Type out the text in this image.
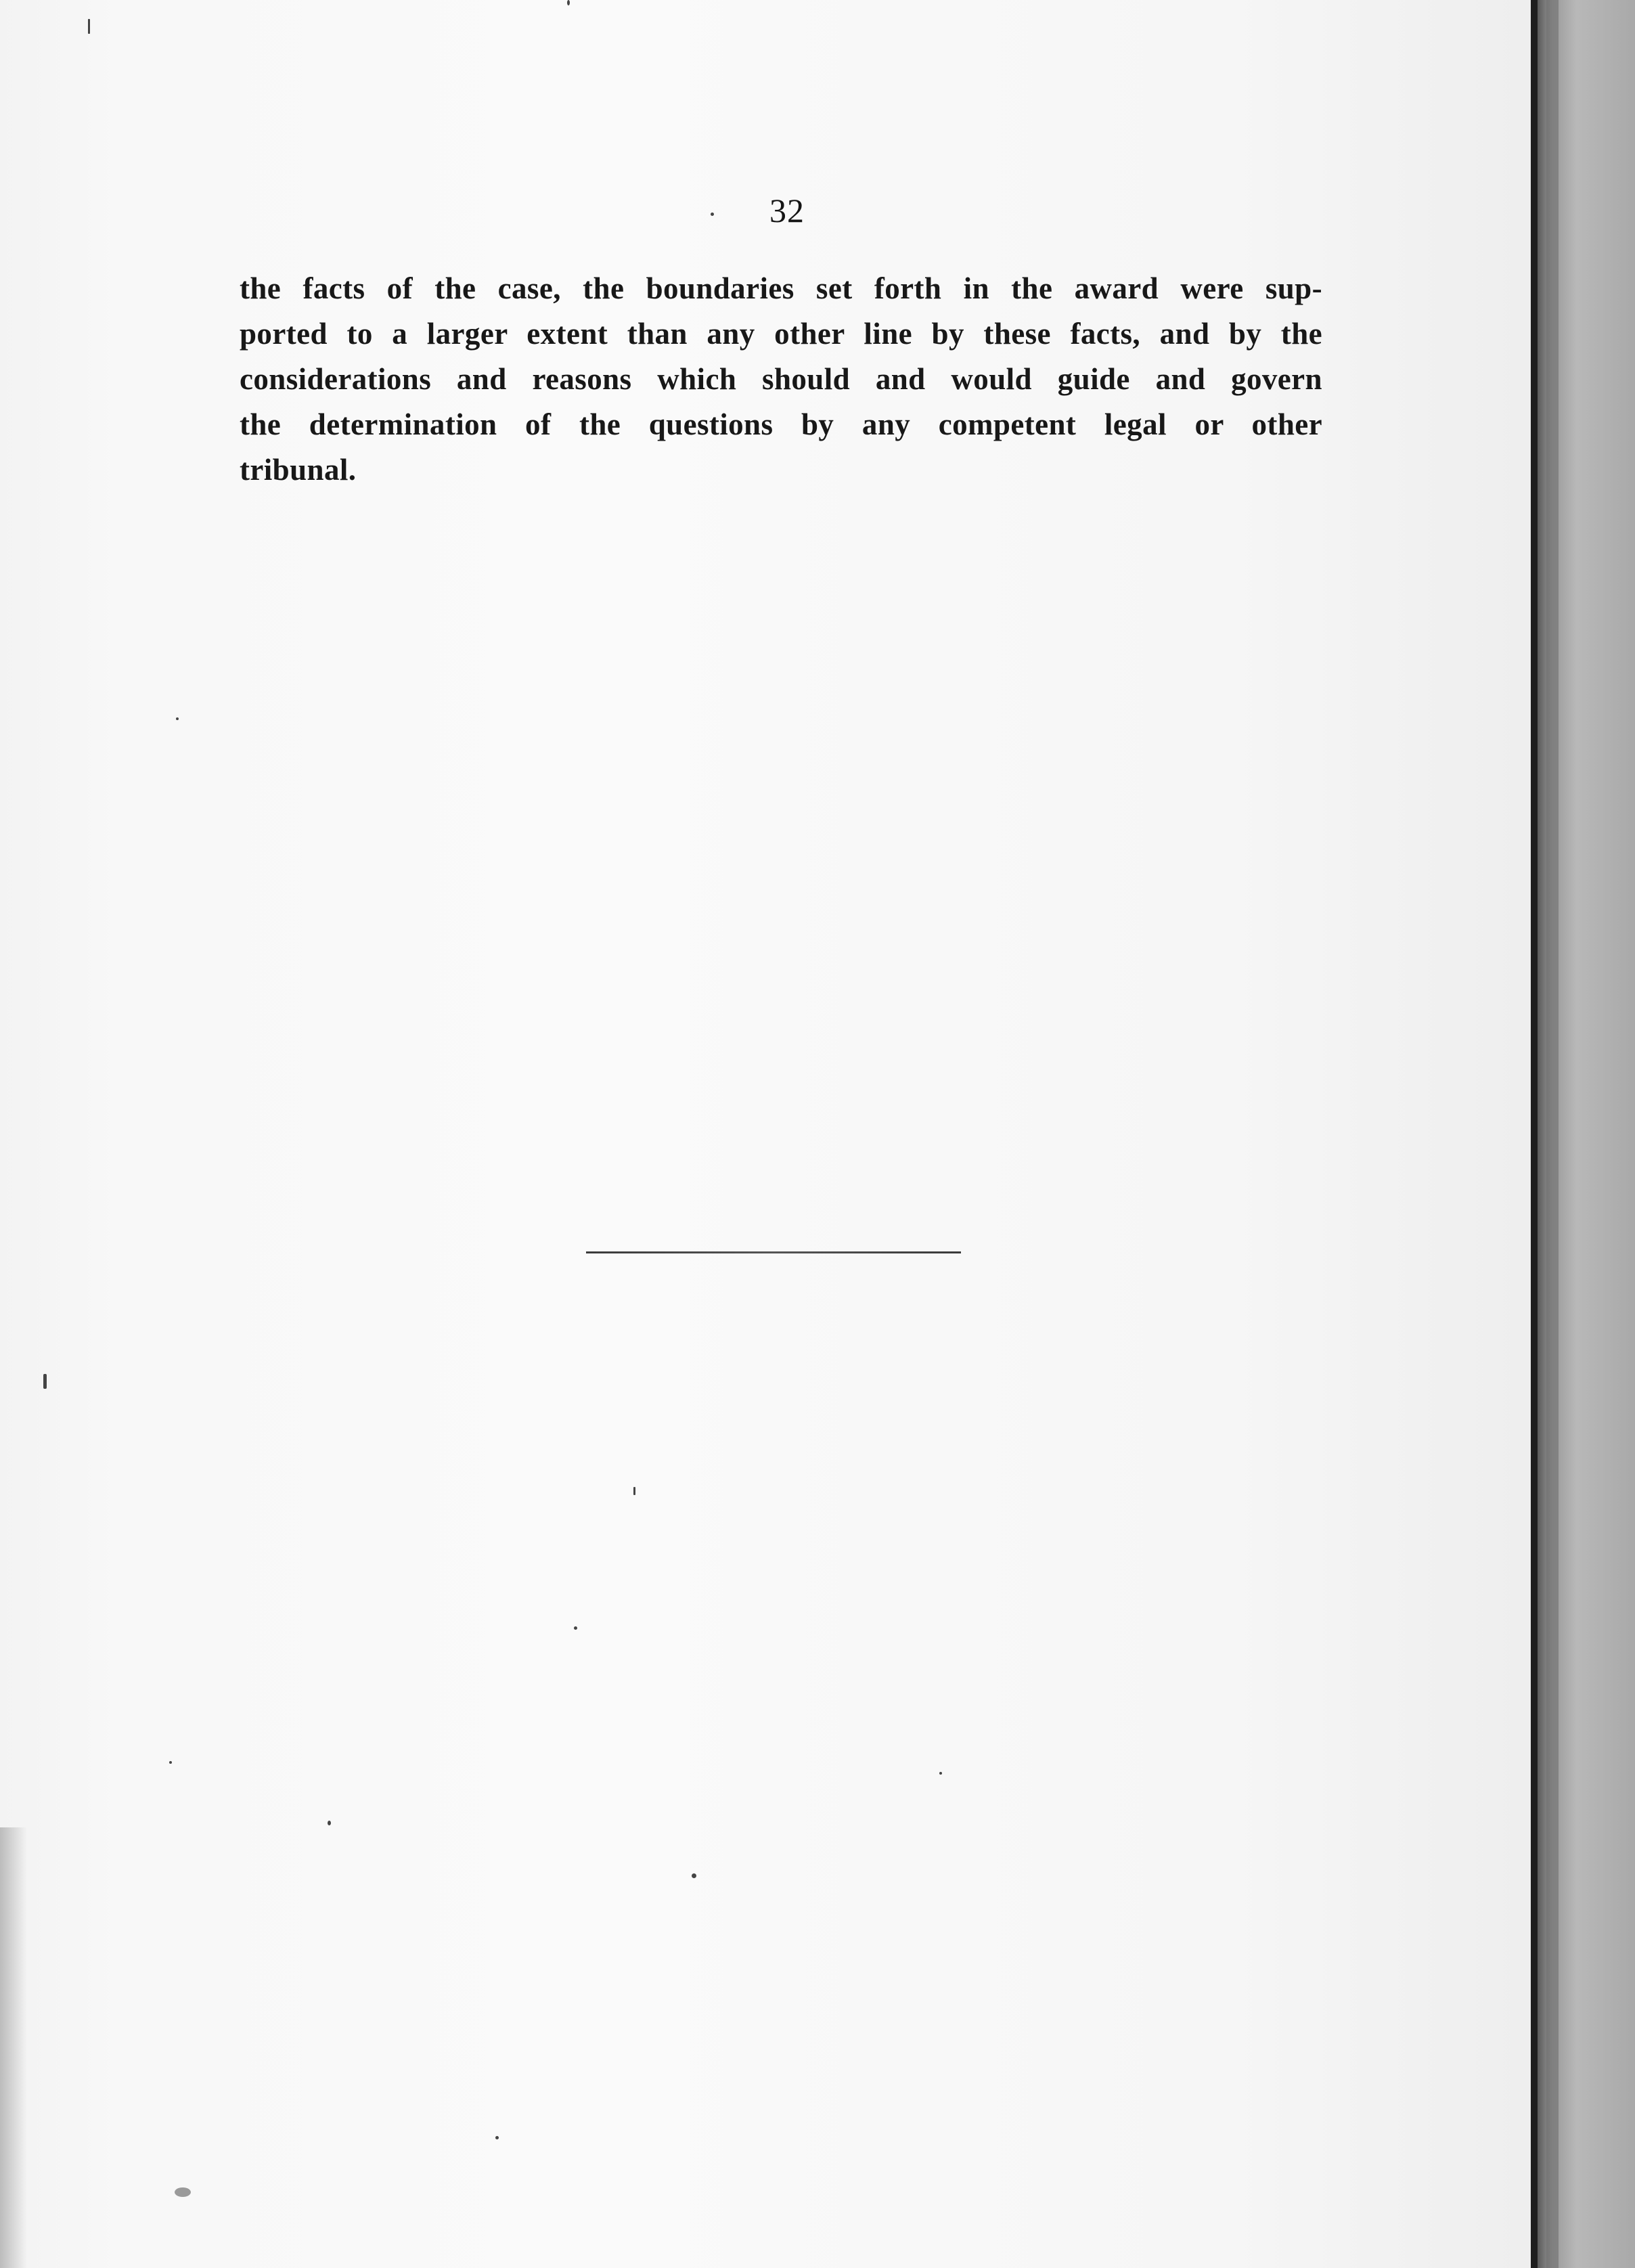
32
the facts of the case, the boundaries set forth in the award were sup-
ported to a larger extent than any other line by these facts, and by the
considerations and reasons which should and would guide and govern
the determination of the questions by any competent legal or other
tribunal.
